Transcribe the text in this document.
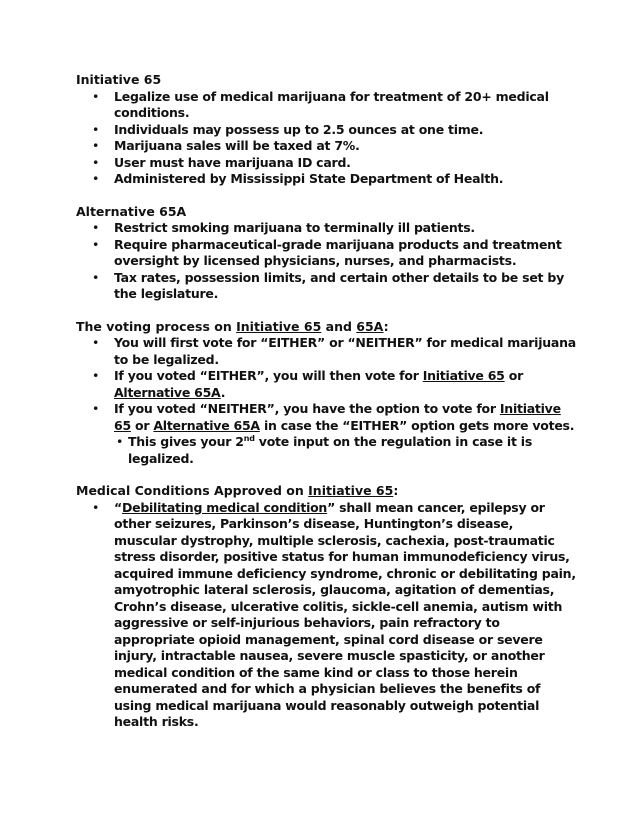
Initiative 65

• Legalize use of medical marijuana for treatment of 20+ medical conditions.
• Individuals may possess up to 2.5 ounces at one time.
• Marijuana sales will be taxed at 7%.
• User must have marijuana ID card.
• Administered by Mississippi State Department of Health.

Alternative 65A

• Restrict smoking marijuana to terminally ill patients.
• Require pharmaceutical-grade marijuana products and treatment oversight by licensed physicians, nurses, and pharmacists.
• Tax rates, possession limits, and certain other details to be set by the legislature.

The voting process on Initiative 65 and 65A:

• You will first vote for “EITHER” or “NEITHER” for medical marijuana to be legalized.
• If you voted “EITHER”, you will then vote for Initiative 65 or Alternative 65A.
• If you voted “NEITHER”, you have the option to vote for Initiative 65 or Alternative 65A in case the “EITHER” option gets more votes.
• This gives your 2nd vote input on the regulation in case it is legalized.

Medical Conditions Approved on Initiative 65:

• “Debilitating medical condition” shall mean cancer, epilepsy or other seizures, Parkinson’s disease, Huntington’s disease, muscular dystrophy, multiple sclerosis, cachexia, post-traumatic stress disorder, positive status for human immunodeficiency virus, acquired immune deficiency syndrome, chronic or debilitating pain, amyotrophic lateral sclerosis, glaucoma, agitation of dementias, Crohn’s disease, ulcerative colitis, sickle-cell anemia, autism with aggressive or self-injurious behaviors, pain refractory to appropriate opioid management, spinal cord disease or severe injury, intractable nausea, severe muscle spasticity, or another medical condition of the same kind or class to those herein enumerated and for which a physician believes the benefits of using medical marijuana would reasonably outweigh potential health risks.
